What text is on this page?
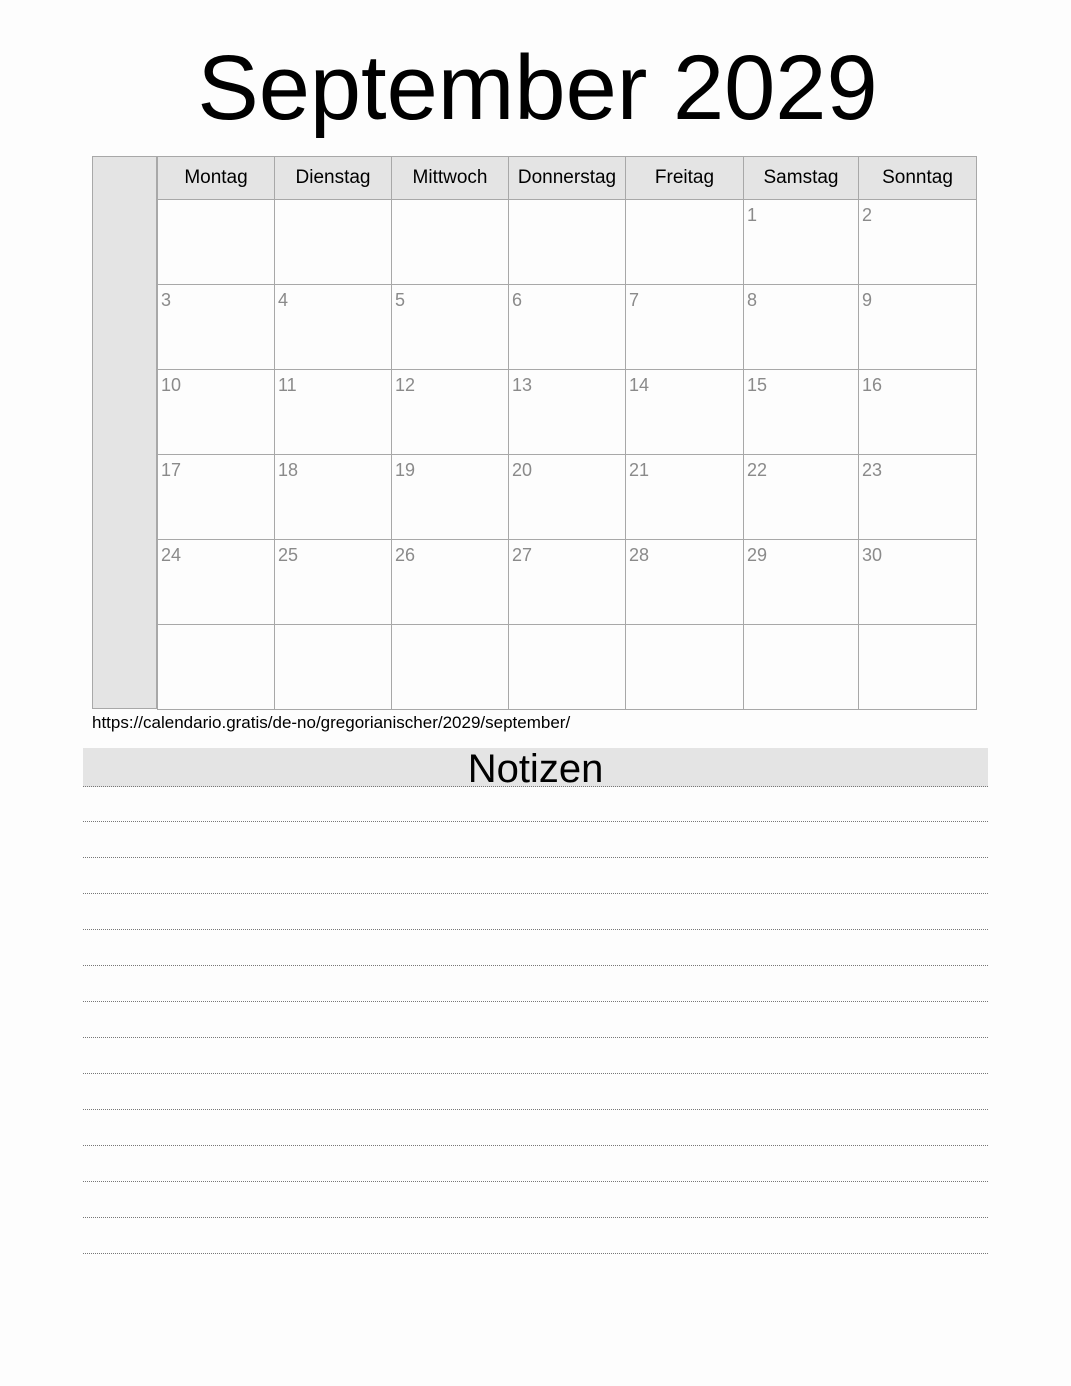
September 2029
Montag	Dienstag	Mittwoch	Donnerstag	Freitag	Samstag	Sonntag

					1	2

3	4	5	6	7	8	9

10	11	12	13	14	15	16

17	18	19	20	21	22	23

24	25	26	27	28	29	30

https://calendario.gratis/de-no/gregorianischer/2029/september/
Notizen
